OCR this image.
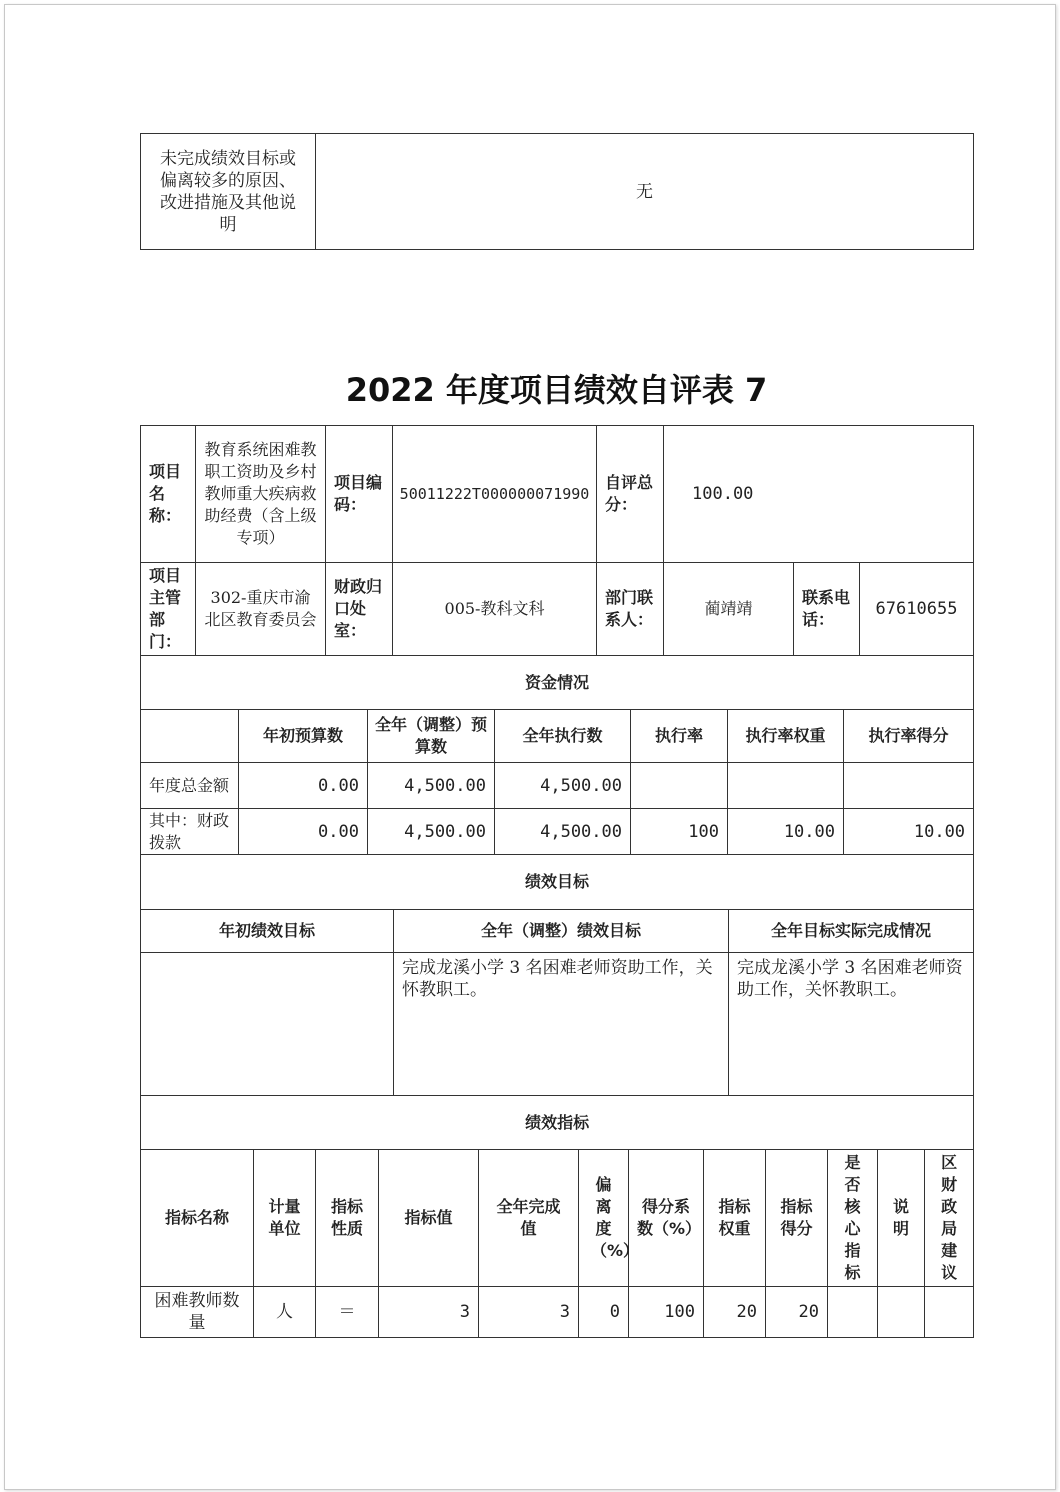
未完成绩效目标或偏离较多的原因、改进措施及其他说明	无
2022 年度项目绩效自评表 7
项目名称：	教育系统困难教职工资助及乡村教师重大疾病救助经费（含上级专项）	项目编码：	50011222T000000071990	自评总分：	100.00		
项目主管部门：	302-重庆市渝北区教育委员会	财政归口处室：	005-教科文科	部门联系人：	蔺靖靖	联系电话：	67610655
资金情况						
	年初预算数	全年（调整）预算数	全年执行数	执行率	执行率权重	执行率得分
年度总金额	0.00	4,500.00	4,500.00			
其中：财政拨款	0.00	4,500.00	4,500.00	100	10.00	10.00
绩效目标		
年初绩效目标	全年（调整）绩效目标	全年目标实际完成情况
	完成龙溪小学 3 名困难老师资助工作，关怀教职工。	完成龙溪小学 3 名困难老师资助工作，关怀教职工。
绩效指标											
指标名称	计量单位	指标性质	指标值	全年完成值	偏离度（%）	得分系数（%）	指标权重	指标得分	是否核心指标	说明	区财政局建议
困难教师数量	人	＝	3	3	0	100	20	20			
